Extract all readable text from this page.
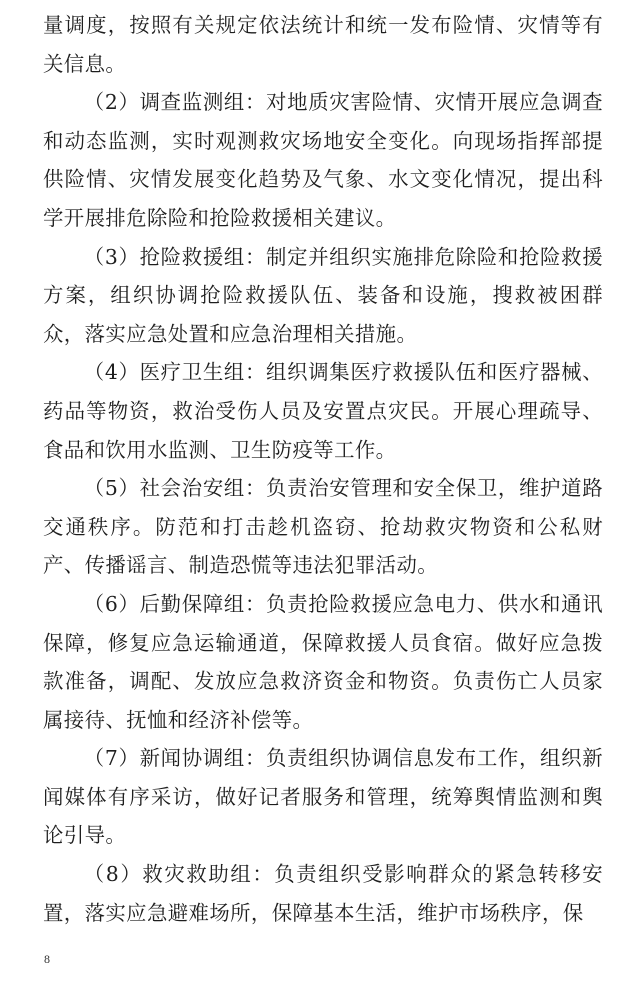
量调度，按照有关规定依法统计和统一发布险情、灾情等有关信息。

（2）调查监测组：对地质灾害险情、灾情开展应急调查和动态监测，实时观测救灾场地安全变化。向现场指挥部提供险情、灾情发展变化趋势及气象、水文变化情况，提出科学开展排危除险和抢险救援相关建议。

（3）抢险救援组：制定并组织实施排危除险和抢险救援方案，组织协调抢险救援队伍、装备和设施，搜救被困群众，落实应急处置和应急治理相关措施。

（4）医疗卫生组：组织调集医疗救援队伍和医疗器械、药品等物资，救治受伤人员及安置点灾民。开展心理疏导、食品和饮用水监测、卫生防疫等工作。

（5）社会治安组：负责治安管理和安全保卫，维护道路交通秩序。防范和打击趁机盗窃、抢劫救灾物资和公私财产、传播谣言、制造恐慌等违法犯罪活动。

（6）后勤保障组：负责抢险救援应急电力、供水和通讯保障，修复应急运输通道，保障救援人员食宿。做好应急拨款准备，调配、发放应急救济资金和物资。负责伤亡人员家属接待、抚恤和经济补偿等。

（7）新闻协调组：负责组织协调信息发布工作，组织新闻媒体有序采访，做好记者服务和管理，统筹舆情监测和舆论引导。

（8）救灾救助组：负责组织受影响群众的紧急转移安置，落实应急避难场所，保障基本生活，维护市场秩序，保

8
